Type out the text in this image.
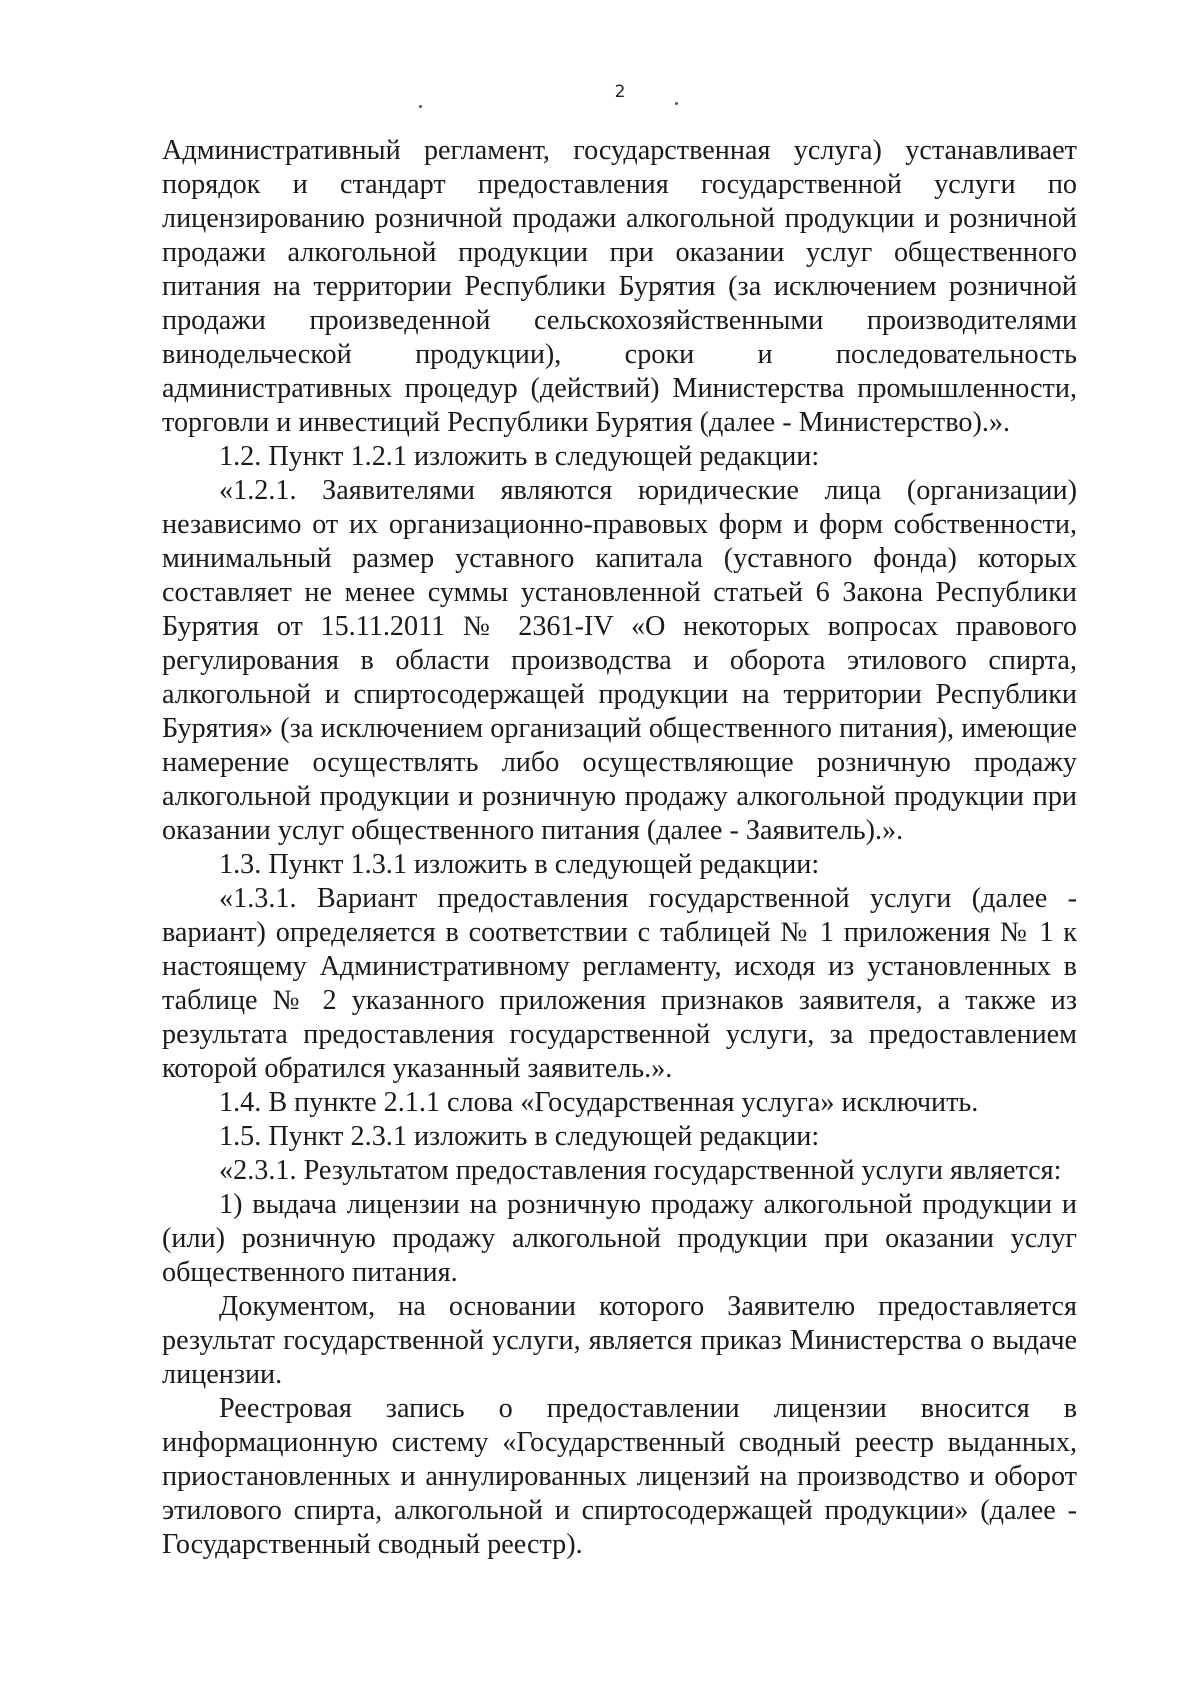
2

Административный регламент, государственная услуга) устанавливает порядок и стандарт предоставления государственной услуги по лицензированию розничной продажи алкогольной продукции и розничной продажи алкогольной продукции при оказании услуг общественного питания на территории Республики Бурятия (за исключением розничной продажи произведенной сельскохозяйственными производителями винодельческой продукции), сроки и последовательность административных процедур (действий) Министерства промышленности, торговли и инвестиций Республики Бурятия (далее - Министерство).».

1.2. Пункт 1.2.1 изложить в следующей редакции:

«1.2.1. Заявителями являются юридические лица (организации) независимо от их организационно-правовых форм и форм собственности, минимальный размер уставного капитала (уставного фонда) которых составляет не менее суммы установленной статьей 6 Закона Республики Бурятия от 15.11.2011 № 2361-IV «О некоторых вопросах правового регулирования в области производства и оборота этилового спирта, алкогольной и спиртосодержащей продукции на территории Республики Бурятия» (за исключением организаций общественного питания), имеющие намерение осуществлять либо осуществляющие розничную продажу алкогольной продукции и розничную продажу алкогольной продукции при оказании услуг общественного питания (далее - Заявитель).».

1.3. Пункт 1.3.1 изложить в следующей редакции:

«1.3.1. Вариант предоставления государственной услуги (далее - вариант) определяется в соответствии с таблицей № 1 приложения № 1 к настоящему Административному регламенту, исходя из установленных в таблице № 2 указанного приложения признаков заявителя, а также из результата предоставления государственной услуги, за предоставлением которой обратился указанный заявитель.».

1.4. В пункте 2.1.1 слова «Государственная услуга» исключить.

1.5. Пункт 2.3.1 изложить в следующей редакции:

«2.3.1. Результатом предоставления государственной услуги является:

1) выдача лицензии на розничную продажу алкогольной продукции и (или) розничную продажу алкогольной продукции при оказании услуг общественного питания.

Документом, на основании которого Заявителю предоставляется результат государственной услуги, является приказ Министерства о выдаче лицензии.

Реестровая запись о предоставлении лицензии вносится в информационную систему «Государственный сводный реестр выданных, приостановленных и аннулированных лицензий на производство и оборот этилового спирта, алкогольной и спиртосодержащей продукции» (далее - Государственный сводный реестр).
